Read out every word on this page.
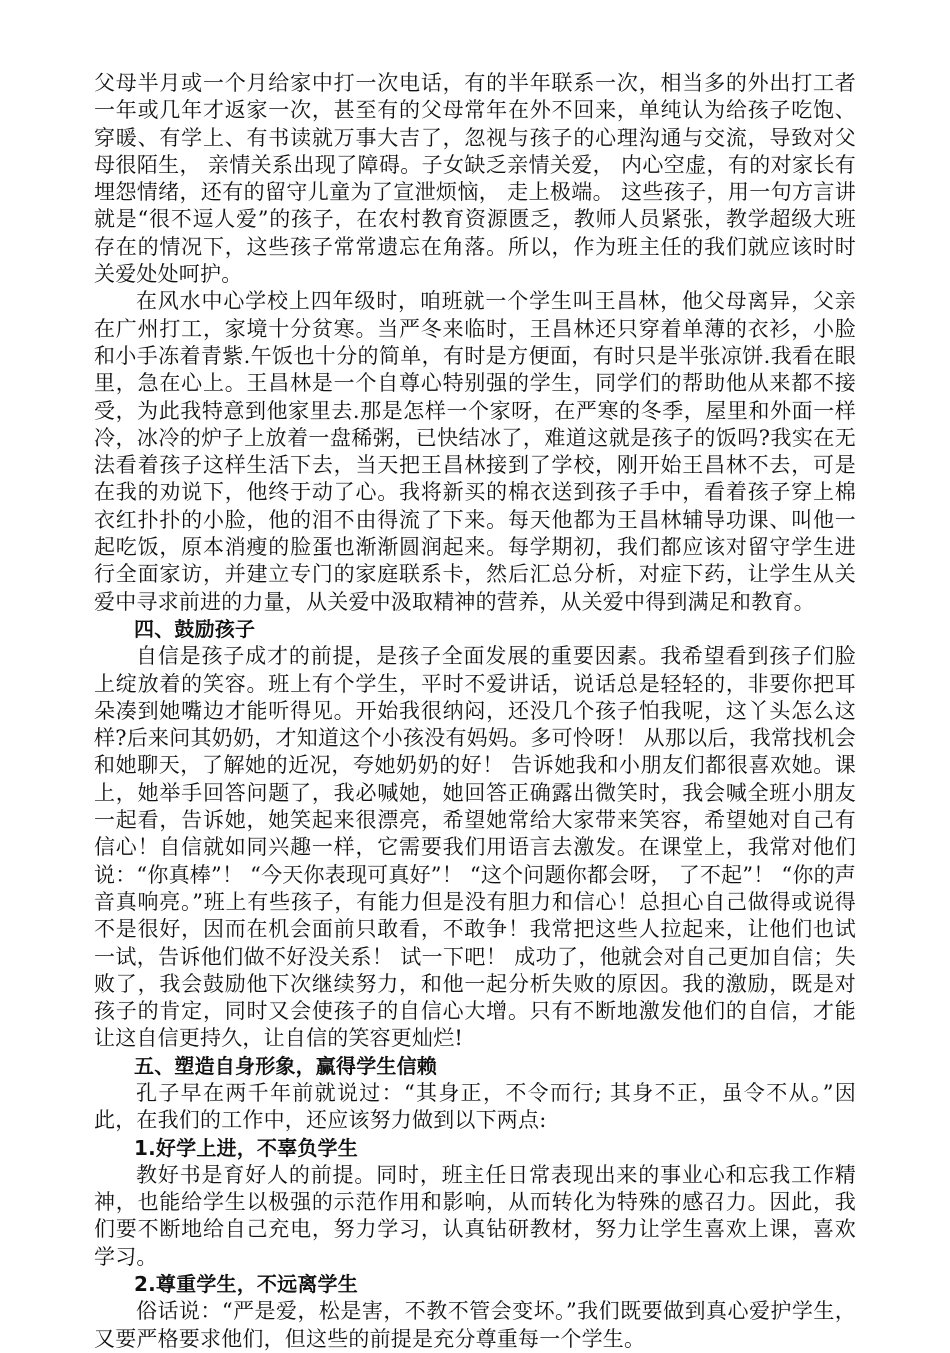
父母半月或一个月给家中打一次电话，有的半年联系一次，相当多的外出打工者一年或几年才返家一次，甚至有的父母常年在外不回来，单纯认为给孩子吃饱、穿暖、有学上、有书读就万事大吉了，忽视与孩子的心理沟通与交流，导致对父母很陌生， 亲情关系出现了障碍。子女缺乏亲情关爱， 内心空虚，有的对家长有埋怨情绪，还有的留守儿童为了宣泄烦恼， 走上极端。 这些孩子，用一句方言讲就是“很不逗人爱”的孩子，在农村教育资源匮乏，教师人员紧张，教学超级大班存在的情况下，这些孩子常常遗忘在角落。所以，作为班主任的我们就应该时时关爱处处呵护。

在风水中心学校上四年级时，咱班就一个学生叫王昌林，他父母离异，父亲在广州打工，家境十分贫寒。当严冬来临时，王昌林还只穿着单薄的衣衫，小脸和小手冻着青紫.午饭也十分的简单，有时是方便面，有时只是半张凉饼.我看在眼里，急在心上。王昌林是一个自尊心特别强的学生，同学们的帮助他从来都不接受，为此我特意到他家里去.那是怎样一个家呀，在严寒的冬季，屋里和外面一样冷，冰冷的炉子上放着一盘稀粥，已快结冰了，难道这就是孩子的饭吗?我实在无法看着孩子这样生活下去，当天把王昌林接到了学校，刚开始王昌林不去，可是在我的劝说下，他终于动了心。我将新买的棉衣送到孩子手中，看着孩子穿上棉衣红扑扑的小脸，他的泪不由得流了下来。每天他都为王昌林辅导功课、叫他一起吃饭，原本消瘦的脸蛋也渐渐圆润起来。每学期初，我们都应该对留守学生进行全面家访，并建立专门的家庭联系卡，然后汇总分析，对症下药，让学生从关爱中寻求前进的力量，从关爱中汲取精神的营养，从关爱中得到满足和教育。

四、鼓励孩子

自信是孩子成才的前提，是孩子全面发展的重要因素。我希望看到孩子们脸上绽放着的笑容。班上有个学生，平时不爱讲话，说话总是轻轻的，非要你把耳朵凑到她嘴边才能听得见。开始我很纳闷，还没几个孩子怕我呢，这丫头怎么这样?后来问其奶奶，才知道这个小孩没有妈妈。多可怜呀！ 从那以后，我常找机会和她聊天，了解她的近况，夸她奶奶的好！ 告诉她我和小朋友们都很喜欢她。课上，她举手回答问题了，我必喊她，她回答正确露出微笑时，我会喊全班小朋友一起看，告诉她，她笑起来很漂亮，希望她常给大家带来笑容，希望她对自己有信心！自信就如同兴趣一样，它需要我们用语言去激发。在课堂上，我常对他们说：“你真棒”！ “今天你表现可真好”！ “这个问题你都会呀， 了不起”！ “你的声音真响亮。”班上有些孩子，有能力但是没有胆力和信心！总担心自己做得或说得不是很好，因而在机会面前只敢看，不敢争！我常把这些人拉起来，让他们也试一试，告诉他们做不好没关系！ 试一下吧！ 成功了，他就会对自己更加自信；失败了，我会鼓励他下次继续努力，和他一起分析失败的原因。我的激励，既是对孩子的肯定，同时又会使孩子的自信心大增。只有不断地激发他们的自信，才能让这自信更持久，让自信的笑容更灿烂!

五、塑造自身形象，赢得学生信赖

孔子早在两千年前就说过：“其身正，不令而行; 其身不正，虽令不从。”因此，在我们的工作中，还应该努力做到以下两点:

1.好学上进，不辜负学生

教好书是育好人的前提。同时，班主任日常表现出来的事业心和忘我工作精神，也能给学生以极强的示范作用和影响，从而转化为特殊的感召力。因此，我们要不断地给自己充电，努力学习，认真钻研教材，努力让学生喜欢上课，喜欢学习。

2.尊重学生，不远离学生

俗话说：“严是爱，松是害，不教不管会变坏。”我们既要做到真心爱护学生，又要严格要求他们，但这些的前提是充分尊重每一个学生。
